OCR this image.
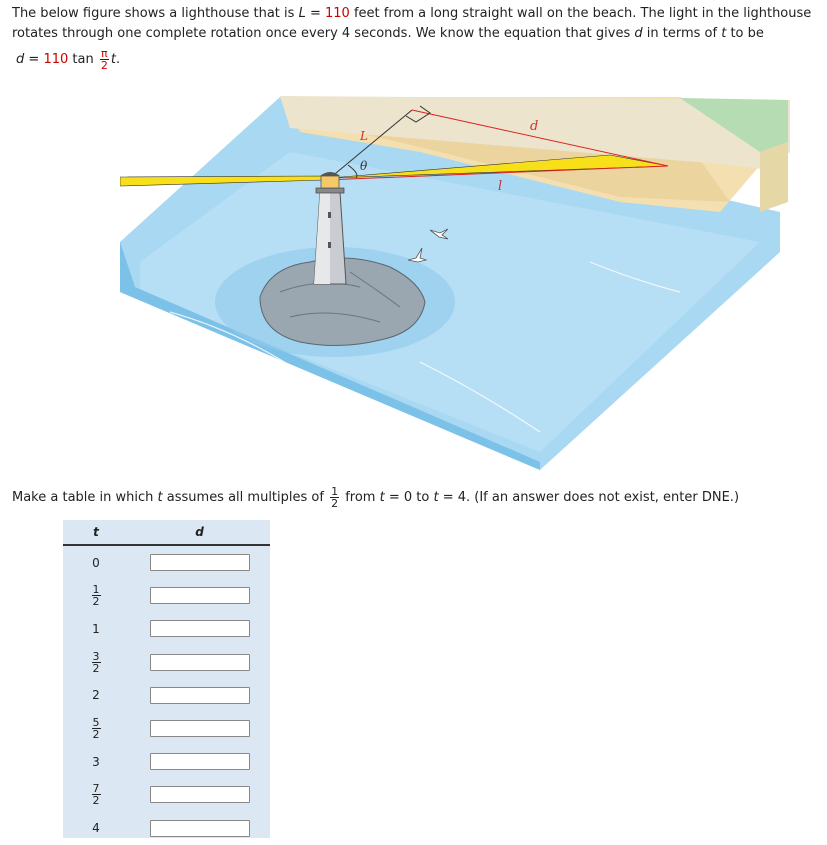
The below figure shows a lighthouse that is L = 110 feet from a long straight wall on the beach. The light in the lighthouse rotates through one complete rotation once every 4 seconds. We know the equation that gives d in terms of t to be
d = 110 $\tan \frac{\pi}{2} t$.
L
θ
d
l
Make a table in which t assumes all multiples of $\frac{1}{2}$ from t = 0 to t = 4. (If an answer does not exist, enter DNE.)
t	d
0	

$\frac{1}{2}$

1	

$\frac{3}{2}$

2	

$\frac{5}{2}$

3	

$\frac{7}{2}$

4	
